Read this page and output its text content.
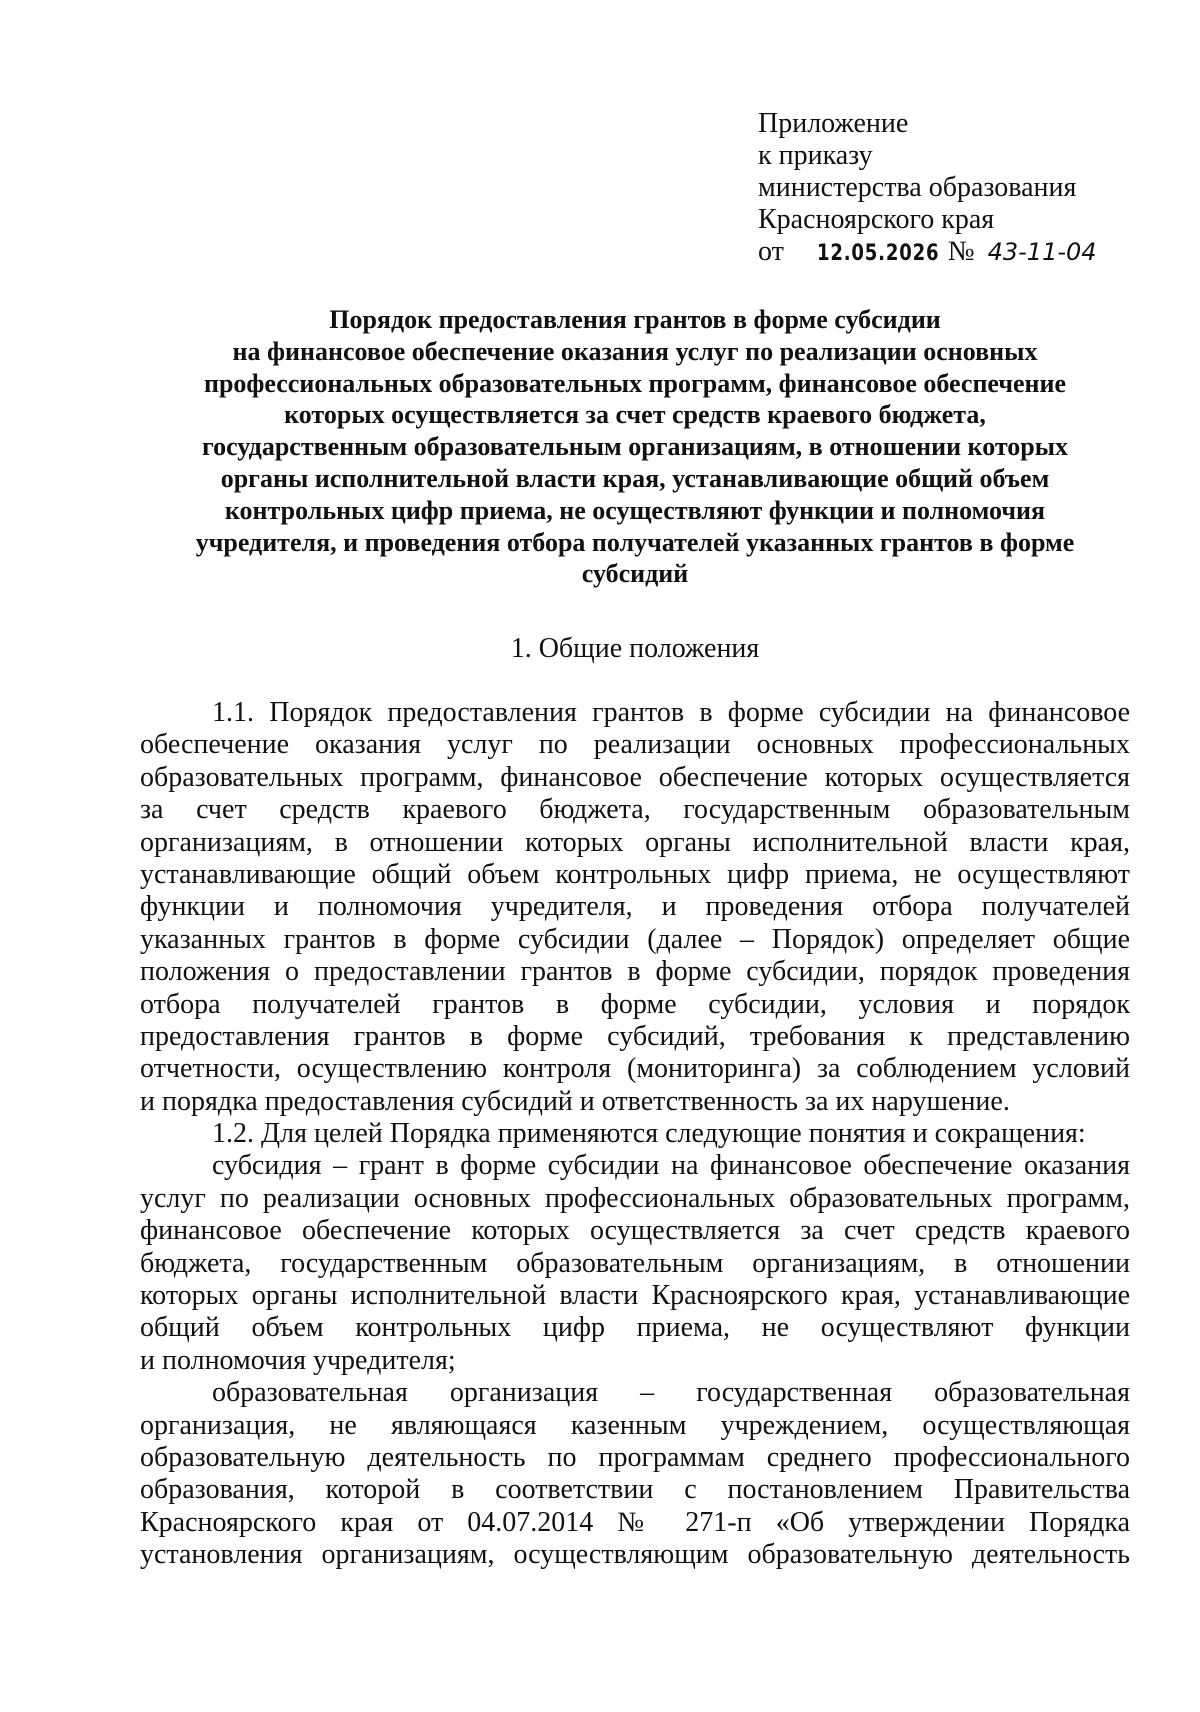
Приложение
к приказу
министерства образования
Красноярского края
от 12.05.2026 № 43-11-04
Порядок предоставления грантов в форме субсидии
на финансовое обеспечение оказания услуг по реализации основных
профессиональных образовательных программ, финансовое обеспечение
которых осуществляется за счет средств краевого бюджета,
государственным образовательным организациям, в отношении которых
органы исполнительной власти края, устанавливающие общий объем
контрольных цифр приема, не осуществляют функции и полномочия
учредителя, и проведения отбора получателей указанных грантов в форме
субсидий
1. Общие положения
1.1. Порядок предоставления грантов в форме субсидии на финансовое
обеспечение оказания услуг по реализации основных профессиональных
образовательных программ, финансовое обеспечение которых осуществляется
за счет средств краевого бюджета, государственным образовательным
организациям, в отношении которых органы исполнительной власти края,
устанавливающие общий объем контрольных цифр приема, не осуществляют
функции и полномочия учредителя, и проведения отбора получателей
указанных грантов в форме субсидии (далее – Порядок) определяет общие
положения о предоставлении грантов в форме субсидии, порядок проведения
отбора получателей грантов в форме субсидии, условия и порядок
предоставления грантов в форме субсидий, требования к представлению
отчетности, осуществлению контроля (мониторинга) за соблюдением условий
и порядка предоставления субсидий и ответственность за их нарушение.
1.2. Для целей Порядка применяются следующие понятия и сокращения:
субсидия – грант в форме субсидии на финансовое обеспечение оказания
услуг по реализации основных профессиональных образовательных программ,
финансовое обеспечение которых осуществляется за счет средств краевого
бюджета, государственным образовательным организациям, в отношении
которых органы исполнительной власти Красноярского края, устанавливающие
общий объем контрольных цифр приема, не осуществляют функции
и полномочия учредителя;
образовательная организация – государственная образовательная
организация, не являющаяся казенным учреждением, осуществляющая
образовательную деятельность по программам среднего профессионального
образования, которой в соответствии с постановлением Правительства
Красноярского края от 04.07.2014 № 271-п «Об утверждении Порядка
установления организациям, осуществляющим образовательную деятельность
